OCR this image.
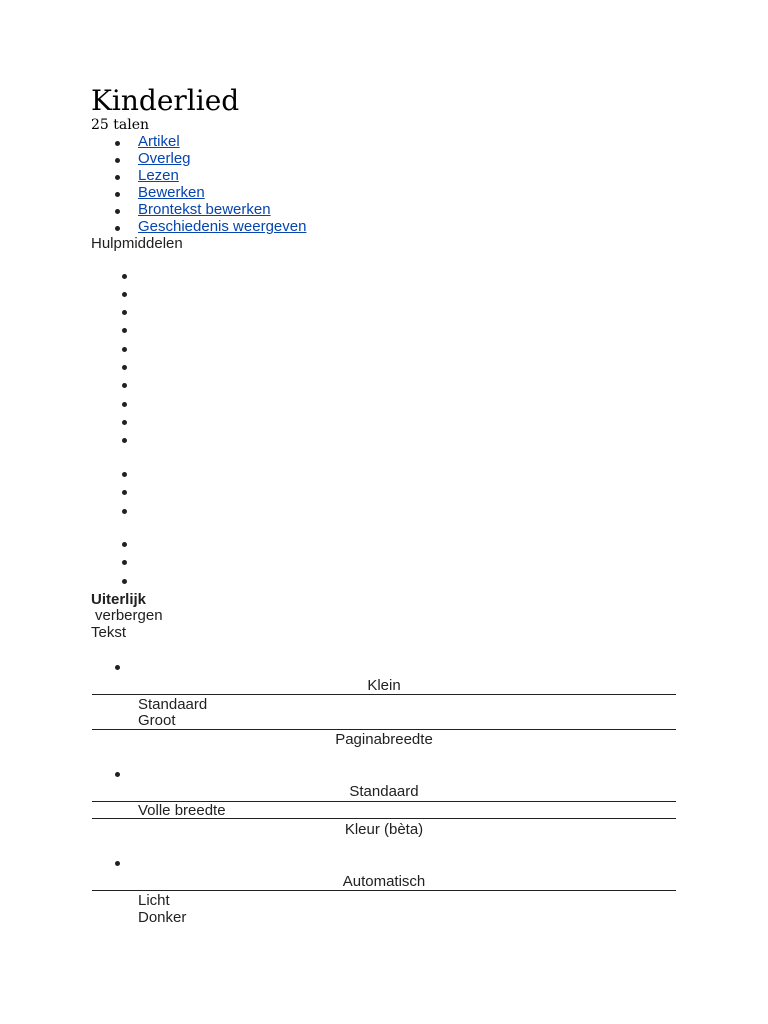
Kinderlied
25 talen
Artikel
Overleg
Lezen
Bewerken
Brontekst bewerken
Geschiedenis weergeven
Hulpmiddelen
Uiterlijk
verbergen
Tekst
Klein
Standaard
Groot
Paginabreedte
Standaard
Volle breedte
Kleur (bèta)
Automatisch
Licht
Donker
